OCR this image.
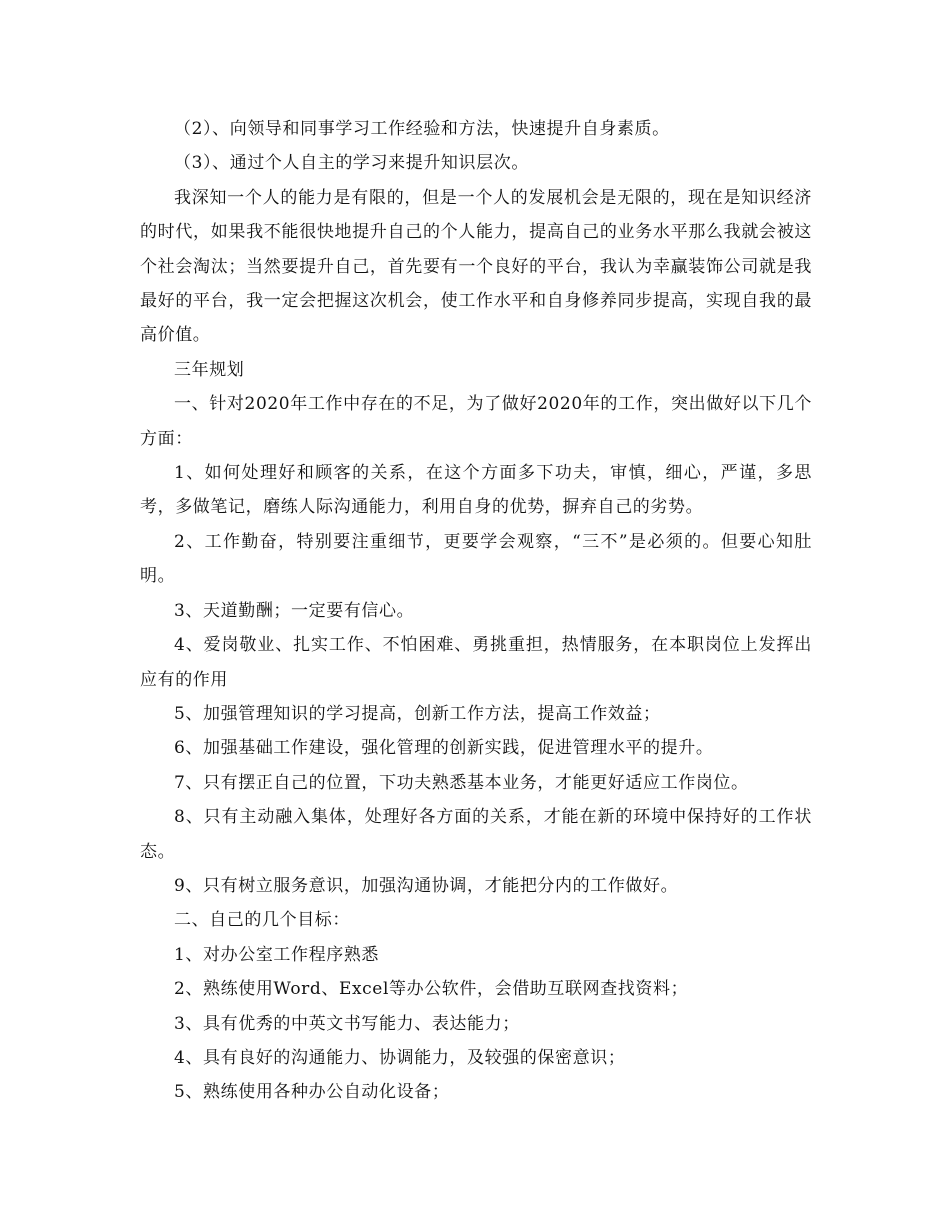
（2）、向领导和同事学习工作经验和方法，快速提升自身素质。

（3）、通过个人自主的学习来提升知识层次。

我深知一个人的能力是有限的，但是一个人的发展机会是无限的，现在是知识经济的时代，如果我不能很快地提升自己的个人能力，提高自己的业务水平那么我就会被这个社会淘汰；当然要提升自己，首先要有一个良好的平台，我认为幸赢装饰公司就是我最好的平台，我一定会把握这次机会，使工作水平和自身修养同步提高，实现自我的最高价值。

三年规划

一、针对2020年工作中存在的不足，为了做好2020年的工作，突出做好以下几个方面：

1、如何处理好和顾客的关系，在这个方面多下功夫，审慎，细心，严谨，多思考，多做笔记，磨练人际沟通能力，利用自身的优势，摒弃自己的劣势。

2、工作勤奋，特别要注重细节，更要学会观察，“三不”是必须的。但要心知肚明。

3、天道勤酬；一定要有信心。

4、爱岗敬业、扎实工作、不怕困难、勇挑重担，热情服务，在本职岗位上发挥出应有的作用

5、加强管理知识的学习提高，创新工作方法，提高工作效益；

6、加强基础工作建设，强化管理的创新实践，促进管理水平的提升。

7、只有摆正自己的位置，下功夫熟悉基本业务，才能更好适应工作岗位。

8、只有主动融入集体，处理好各方面的关系，才能在新的环境中保持好的工作状态。

9、只有树立服务意识，加强沟通协调，才能把分内的工作做好。

二、自己的几个目标：

1、对办公室工作程序熟悉

2、熟练使用Word、Excel等办公软件，会借助互联网查找资料；

3、具有优秀的中英文书写能力、表达能力；

4、具有良好的沟通能力、协调能力，及较强的保密意识；

5、熟练使用各种办公自动化设备；
